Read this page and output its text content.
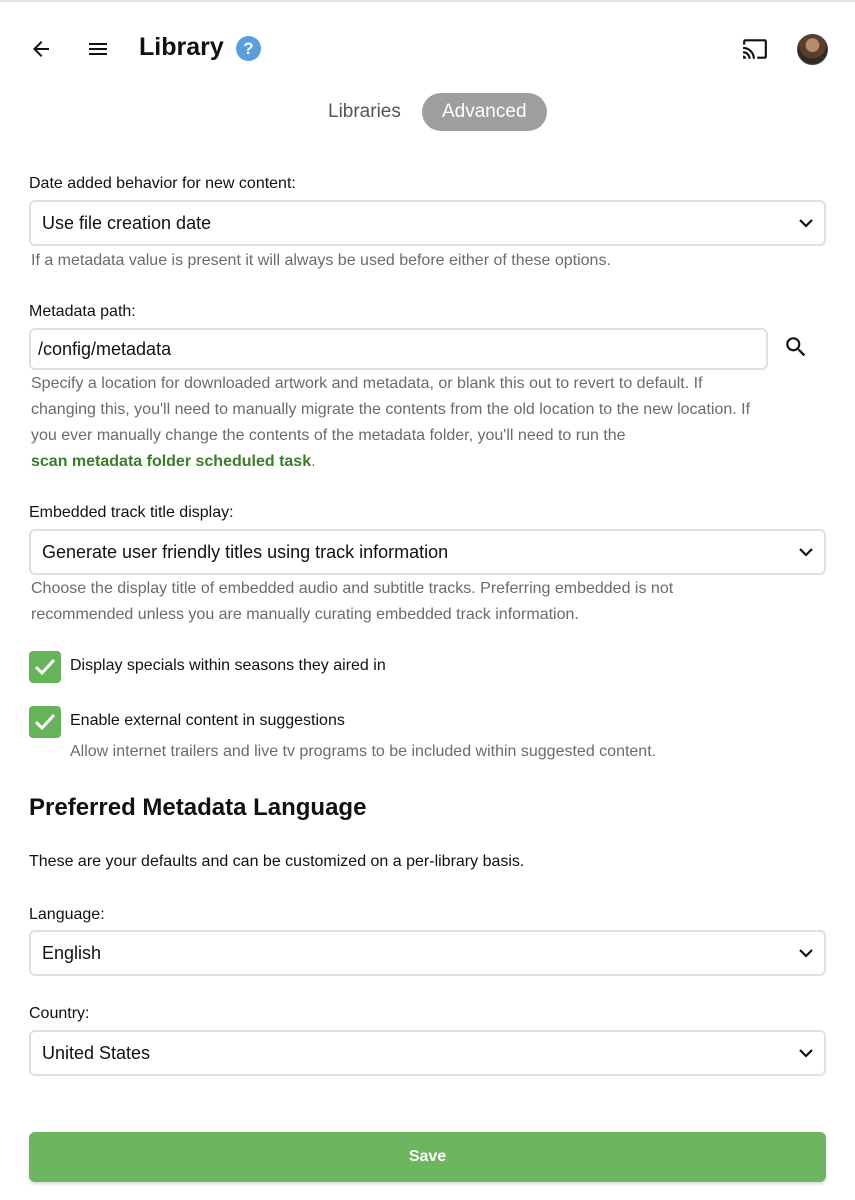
Library	?
Libraries	Advanced
Date added behavior for new content:
Use file creation date
If a metadata value is present it will always be used before either of these options.
Metadata path:
/config/metadata
Specify a location for downloaded artwork and metadata, or blank this out to revert to default. If
changing this, you'll need to manually migrate the contents from the old location to the new location. If
you ever manually change the contents of the metadata folder, you'll need to run the
scan metadata folder scheduled task.
Embedded track title display:
Generate user friendly titles using track information
Choose the display title of embedded audio and subtitle tracks. Preferring embedded is not
recommended unless you are manually curating embedded track information.
Display specials within seasons they aired in
Enable external content in suggestions
Allow internet trailers and live tv programs to be included within suggested content.
Preferred Metadata Language
These are your defaults and can be customized on a per-library basis.
Language:
English
Country:
United States
Save
